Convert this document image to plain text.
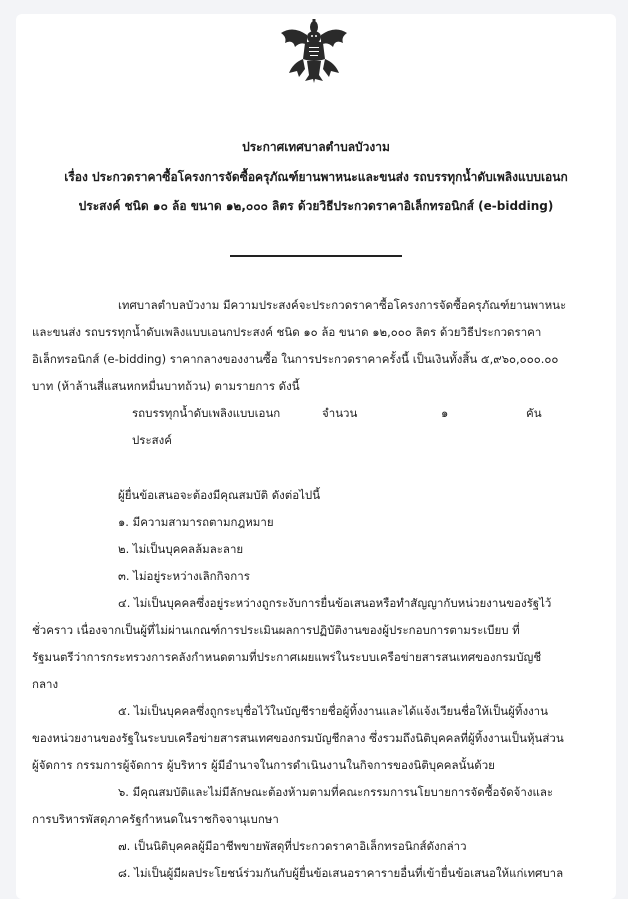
ประกาศเทศบาลตำบลบัวงาม
เรื่อง ประกวดราคาซื้อโครงการจัดซื้อครุภัณฑ์ยานพาหนะและขนส่ง รถบรรทุกน้ำดับเพลิงแบบเอนก
ประสงค์ ชนิด ๑๐ ล้อ ขนาด ๑๒,๐๐๐ ลิตร ด้วยวิธีประกวดราคาอิเล็กทรอนิกส์ (e-bidding)
เทศบาลตำบลบัวงาม มีความประสงค์จะประกวดราคาซื้อโครงการจัดซื้อครุภัณฑ์ยานพาหนะ
และขนส่ง รถบรรทุกน้ำดับเพลิงแบบเอนกประสงค์ ชนิด ๑๐ ล้อ ขนาด ๑๒,๐๐๐ ลิตร ด้วยวิธีประกวดราคา
อิเล็กทรอนิกส์ (e-bidding) ราคากลางของงานซื้อ ในการประกวดราคาครั้งนี้ เป็นเงินทั้งสิ้น ๕,๙๖๐,๐๐๐.๐๐
บาท (ห้าล้านสี่แสนหกหมื่นบาทถ้วน) ตามรายการ ดังนี้
รถบรรทุกน้ำดับเพลิงแบบเอนก	จำนวน	๑	คัน
ประสงค์
ผู้ยื่นข้อเสนอจะต้องมีคุณสมบัติ ดังต่อไปนี้
๑. มีความสามารถตามกฎหมาย
๒. ไม่เป็นบุคคลล้มละลาย
๓. ไม่อยู่ระหว่างเลิกกิจการ
๔. ไม่เป็นบุคคลซึ่งอยู่ระหว่างถูกระงับการยื่นข้อเสนอหรือทำสัญญากับหน่วยงานของรัฐไว้
ชั่วคราว เนื่องจากเป็นผู้ที่ไม่ผ่านเกณฑ์การประเมินผลการปฏิบัติงานของผู้ประกอบการตามระเบียบ ที่
รัฐมนตรีว่าการกระทรวงการคลังกำหนดตามที่ประกาศเผยแพร่ในระบบเครือข่ายสารสนเทศของกรมบัญชี
กลาง
๕. ไม่เป็นบุคคลซึ่งถูกระบุชื่อไว้ในบัญชีรายชื่อผู้ทิ้งงานและได้แจ้งเวียนชื่อให้เป็นผู้ทิ้งงาน
ของหน่วยงานของรัฐในระบบเครือข่ายสารสนเทศของกรมบัญชีกลาง ซึ่งรวมถึงนิติบุคคลที่ผู้ทิ้งงานเป็นหุ้นส่วน
ผู้จัดการ กรรมการผู้จัดการ ผู้บริหาร ผู้มีอำนาจในการดำเนินงานในกิจการของนิติบุคคลนั้นด้วย
๖. มีคุณสมบัติและไม่มีลักษณะต้องห้ามตามที่คณะกรรมการนโยบายการจัดซื้อจัดจ้างและ
การบริหารพัสดุภาครัฐกำหนดในราชกิจจานุเบกษา
๗. เป็นนิติบุคคลผู้มีอาชีพขายพัสดุที่ประกวดราคาอิเล็กทรอนิกส์ดังกล่าว
๘. ไม่เป็นผู้มีผลประโยชน์ร่วมกันกับผู้ยื่นข้อเสนอราคารายอื่นที่เข้ายื่นข้อเสนอให้แก่เทศบาล
